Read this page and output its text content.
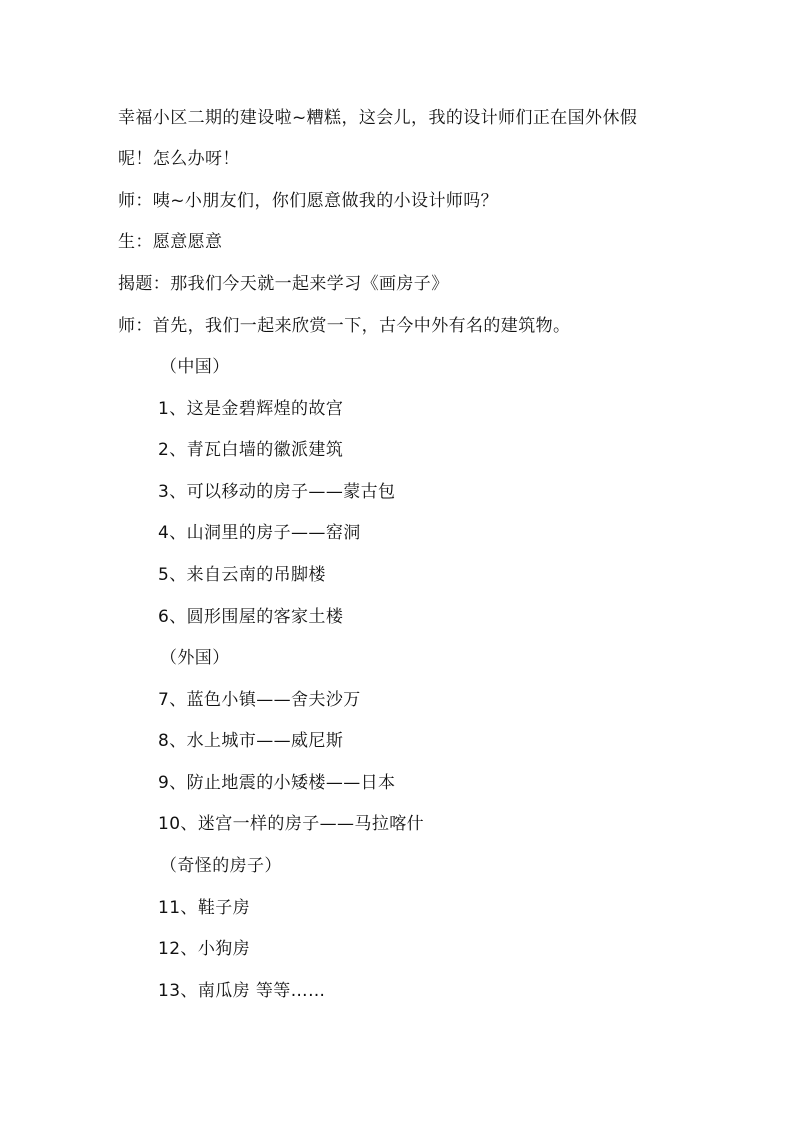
幸福小区二期的建设啦~糟糕，这会儿，我的设计师们正在国外休假
呢！怎么办呀！
师：咦~小朋友们，你们愿意做我的小设计师吗？
生：愿意愿意
揭题：那我们今天就一起来学习《画房子》
师：首先，我们一起来欣赏一下，古今中外有名的建筑物。
（中国）
1、这是金碧辉煌的故宫
2、青瓦白墙的徽派建筑
3、可以移动的房子——蒙古包
4、山洞里的房子——窑洞
5、来自云南的吊脚楼
6、圆形围屋的客家土楼
（外国）
7、蓝色小镇——舍夫沙万
8、水上城市——威尼斯
9、防止地震的小矮楼——日本
10、迷宫一样的房子——马拉喀什
（奇怪的房子）
11、鞋子房
12、小狗房
13、南瓜房 等等……
